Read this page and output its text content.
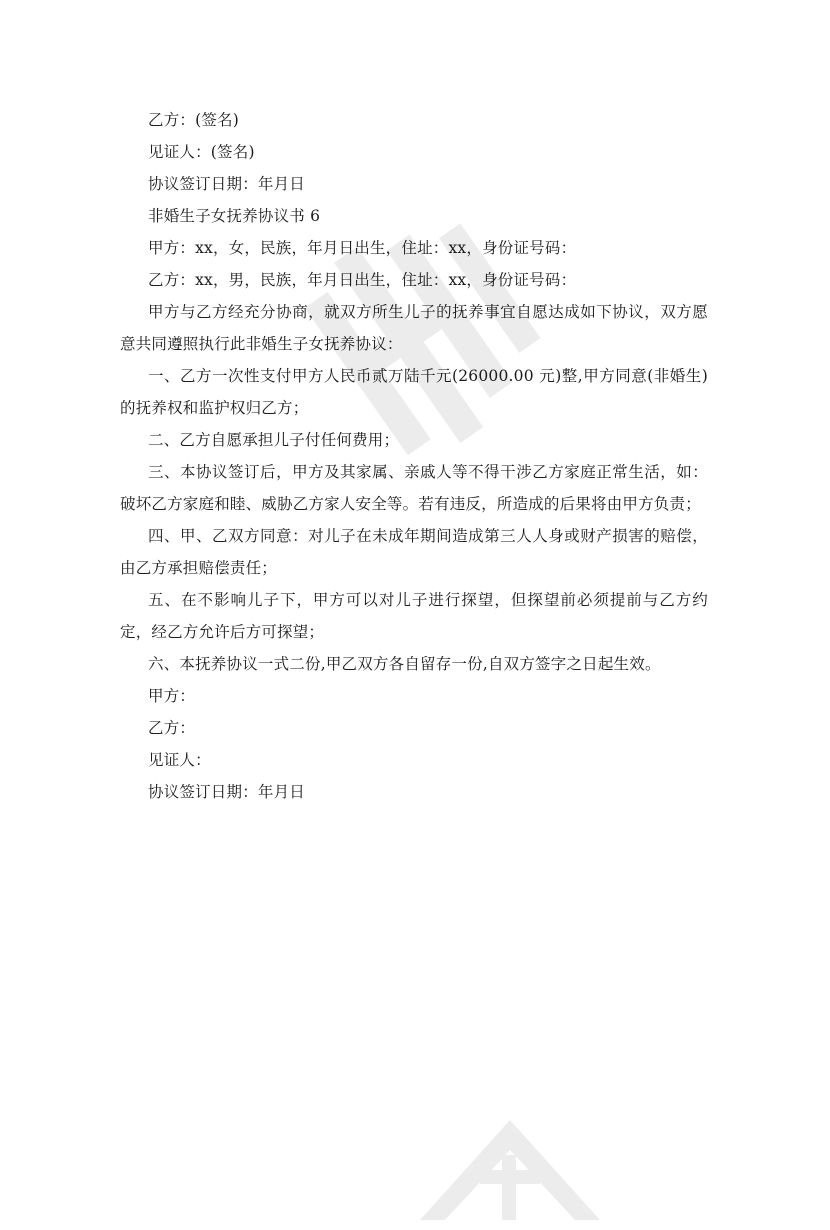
乙方：(签名)
见证人：(签名)
协议签订日期：年月日
非婚生子女抚养协议书 6
甲方：xx，女，民族，年月日出生，住址：xx，身份证号码：
乙方：xx，男，民族，年月日出生，住址：xx，身份证号码：
甲方与乙方经充分协商，就双方所生儿子的抚养事宜自愿达成如下协议，双方愿意共同遵照执行此非婚生子女抚养协议：
一、乙方一次性支付甲方人民币贰万陆千元(26000.00 元)整,甲方同意(非婚生)的抚养权和监护权归乙方；
二、乙方自愿承担儿子付任何费用；
三、本协议签订后，甲方及其家属、亲戚人等不得干涉乙方家庭正常生活，如：破坏乙方家庭和睦、威胁乙方家人安全等。若有违反，所造成的后果将由甲方负责；
四、甲、乙双方同意：对儿子在未成年期间造成第三人人身或财产损害的赔偿，由乙方承担赔偿责任；
五、在不影响儿子下，甲方可以对儿子进行探望，但探望前必须提前与乙方约定，经乙方允许后方可探望；
六、本抚养协议一式二份,甲乙双方各自留存一份,自双方签字之日起生效。
甲方：
乙方：
见证人：
协议签订日期：年月日
